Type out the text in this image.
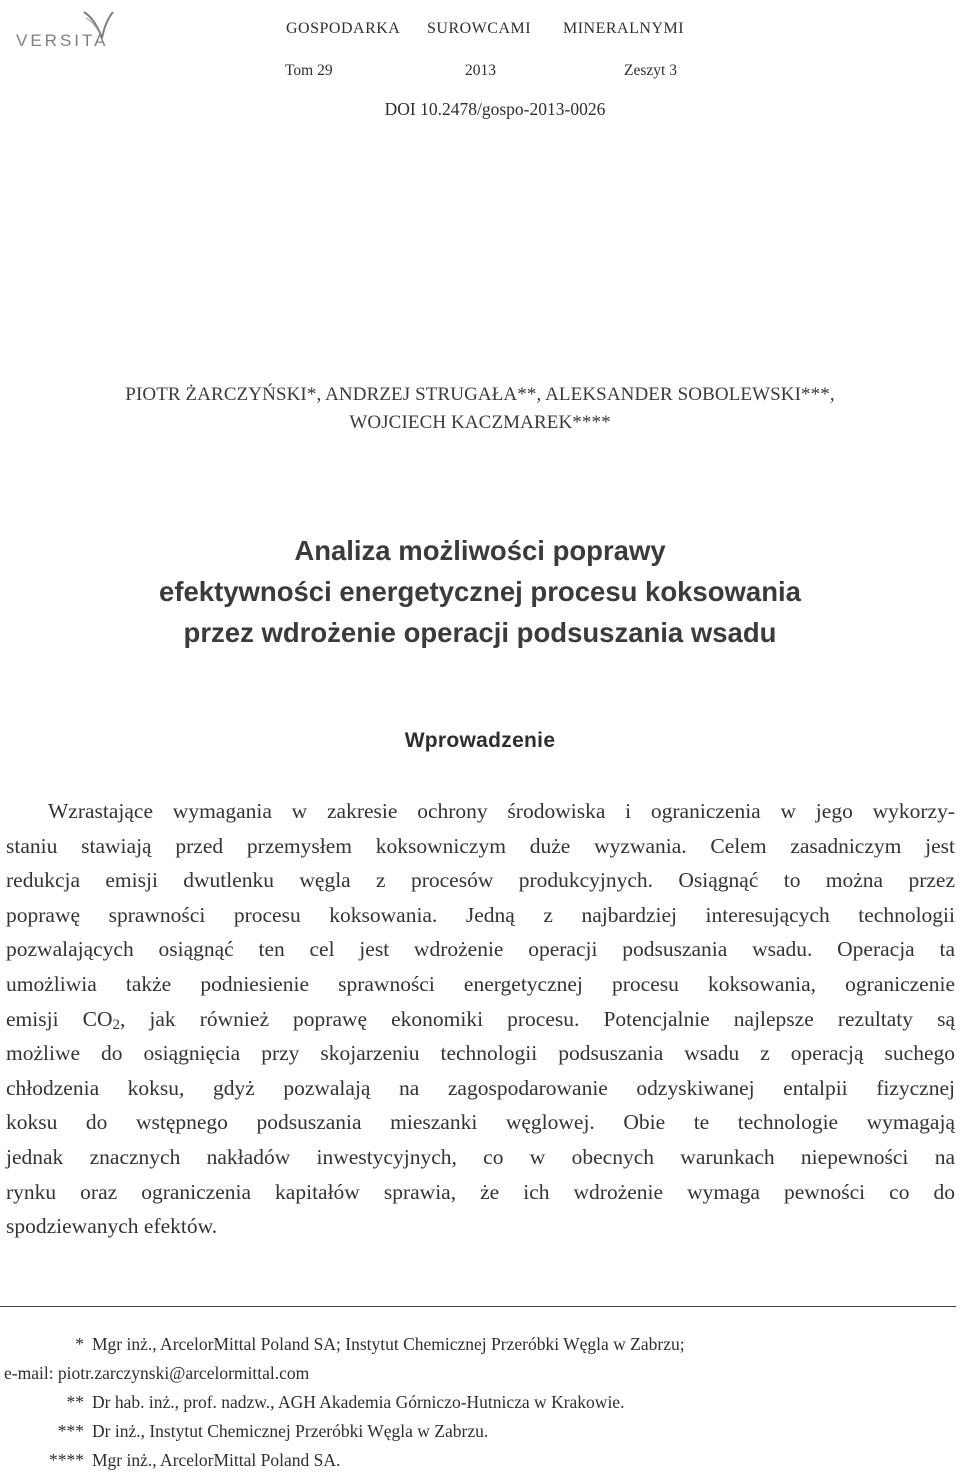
VERSITA
GOSPODARKA SUROWCAMI MINERALNYMI
Tom 29	2013	Zeszyt 3
DOI 10.2478/gospo-2013-0026
PIOTR ŻARCZYŃSKI*, ANDRZEJ STRUGAŁA**, ALEKSANDER SOBOLEWSKI***,
WOJCIECH KACZMAREK****
Analiza możliwości poprawy
efektywności energetycznej procesu koksowania
przez wdrożenie operacji podsuszania wsadu
Wprowadzenie
Wzrastające wymagania w zakresie ochrony środowiska i ograniczenia w jego wykorzy-
staniu stawiają przed przemysłem koksowniczym duże wyzwania. Celem zasadniczym jest
redukcja emisji dwutlenku węgla z procesów produkcyjnych. Osiągnąć to można przez
poprawę sprawności procesu koksowania. Jedną z najbardziej interesujących technologii
pozwalających osiągnąć ten cel jest wdrożenie operacji podsuszania wsadu. Operacja ta
umożliwia także podniesienie sprawności energetycznej procesu koksowania, ograniczenie
emisji $CO_2$, jak również poprawę ekonomiki procesu. Potencjalnie najlepsze rezultaty są
możliwe do osiągnięcia przy skojarzeniu technologii podsuszania wsadu z operacją suchego
chłodzenia koksu, gdyż pozwalają na zagospodarowanie odzyskiwanej entalpii fizycznej
koksu do wstępnego podsuszania mieszanki węglowej. Obie te technologie wymagają
jednak znacznych nakładów inwestycyjnych, co w obecnych warunkach niepewności na
rynku oraz ograniczenia kapitałów sprawia, że ich wdrożenie wymaga pewności co do
spodziewanych efektów.
* Mgr inż., ArcelorMittal Poland SA; Instytut Chemicznej Przeróbki Węgla w Zabrzu;
e-mail: piotr.zarczynski@arcelormittal.com
** Dr hab. inż., prof. nadzw., AGH Akademia Górniczo-Hutnicza w Krakowie.
*** Dr inż., Instytut Chemicznej Przeróbki Węgla w Zabrzu.
**** Mgr inż., ArcelorMittal Poland SA.
